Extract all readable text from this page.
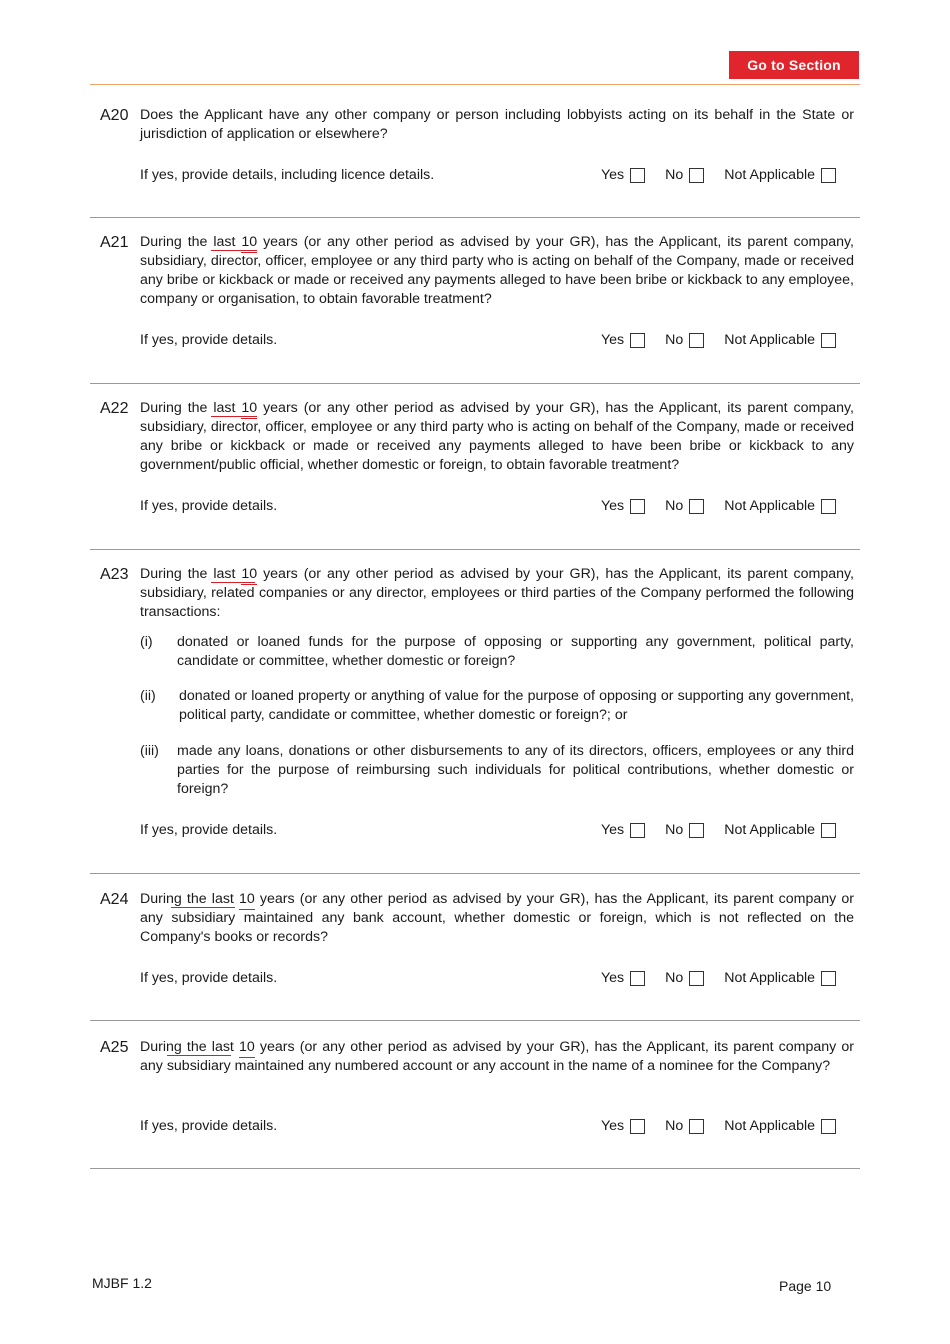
Go to Section
A20 Does the Applicant have any other company or person including lobbyists acting on its behalf in the State or jurisdiction of application or elsewhere?
If yes, provide details, including licence details.	Yes	No	Not Applicable
A21 During the last 10 years (or any other period as advised by your GR), has the Applicant, its parent company, subsidiary, director, officer, employee or any third party who is acting on behalf of the Company, made or received any bribe or kickback or made or received any payments alleged to have been bribe or kickback to any employee, company or organisation, to obtain favorable treatment?
If yes, provide details.	Yes	No	Not Applicable
A22 During the last 10 years (or any other period as advised by your GR), has the Applicant, its parent company, subsidiary, director, officer, employee or any third party who is acting on behalf of the Company, made or received any bribe or kickback or made or received any payments alleged to have been bribe or kickback to any government/public official, whether domestic or foreign, to obtain favorable treatment?
If yes, provide details.	Yes	No	Not Applicable
A23 During the last 10 years (or any other period as advised by your GR), has the Applicant, its parent company, subsidiary, related companies or any director, employees or third parties of the Company performed the following transactions:
(i) donated or loaned funds for the purpose of opposing or supporting any government, political party, candidate or committee, whether domestic or foreign?
(ii) donated or loaned property or anything of value for the purpose of opposing or supporting any government, political party, candidate or committee, whether domestic or foreign?; or
(iii) made any loans, donations or other disbursements to any of its directors, officers, employees or any third parties for the purpose of reimbursing such individuals for political contributions, whether domestic or foreign?
If yes, provide details.	Yes	No	Not Applicable
A24 During the last 10 years (or any other period as advised by your GR), has the Applicant, its parent company or any subsidiary maintained any bank account, whether domestic or foreign, which is not reflected on the Company's books or records?
If yes, provide details.	Yes	No	Not Applicable
A25 During the last 10 years (or any other period as advised by your GR), has the Applicant, its parent company or any subsidiary maintained any numbered account or any account in the name of a nominee for the Company?
If yes, provide details.	Yes	No	Not Applicable
MJBF 1.2	Page 10
